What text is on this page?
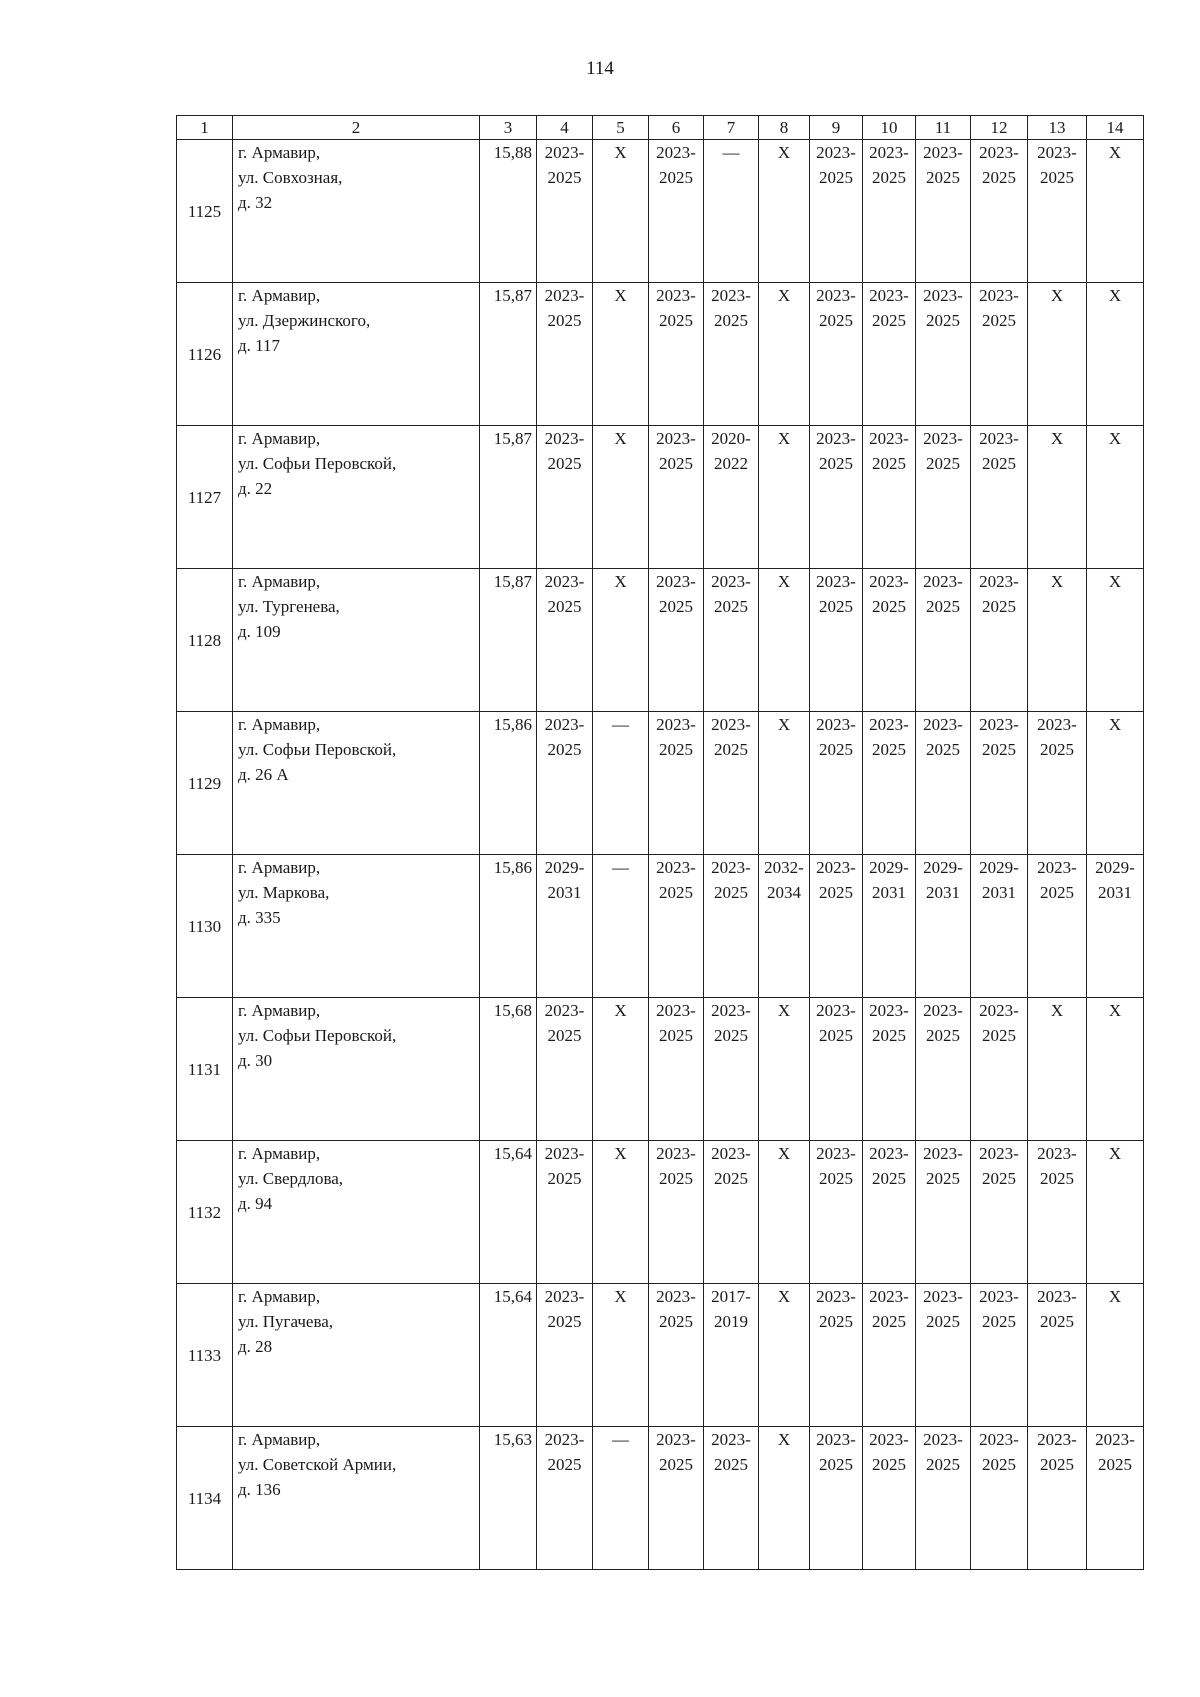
114
1	2	3	4	5	6	7	8	9	10	11	12	13	14
1125	г. Армавир,
ул. Совхозная,
д. 32	15,88	2023-
2025	Х	2023-
2025	—	Х	2023-
2025	2023-
2025	2023-
2025	2023-
2025	2023-
2025	Х

1126	г. Армавир,
ул. Дзержинского,
д. 117	15,87	2023-
2025	Х	2023-
2025	2023-
2025	Х	2023-
2025	2023-
2025	2023-
2025	2023-
2025	Х	Х

1127	г. Армавир,
ул. Софьи Перовской,
д. 22	15,87	2023-
2025	Х	2023-
2025	2020-
2022	Х	2023-
2025	2023-
2025	2023-
2025	2023-
2025	Х	Х

1128	г. Армавир,
ул. Тургенева,
д. 109	15,87	2023-
2025	Х	2023-
2025	2023-
2025	Х	2023-
2025	2023-
2025	2023-
2025	2023-
2025	Х	Х

1129	г. Армавир,
ул. Софьи Перовской,
д. 26 А	15,86	2023-
2025	—	2023-
2025	2023-
2025	Х	2023-
2025	2023-
2025	2023-
2025	2023-
2025	2023-
2025	Х

1130	г. Армавир,
ул. Маркова,
д. 335	15,86	2029-
2031	—	2023-
2025	2023-
2025	2032-
2034	2023-
2025	2029-
2031	2029-
2031	2029-
2031	2023-
2025	2029-
2031

1131	г. Армавир,
ул. Софьи Перовской,
д. 30	15,68	2023-
2025	Х	2023-
2025	2023-
2025	Х	2023-
2025	2023-
2025	2023-
2025	2023-
2025	Х	Х

1132	г. Армавир,
ул. Свердлова,
д. 94	15,64	2023-
2025	Х	2023-
2025	2023-
2025	Х	2023-
2025	2023-
2025	2023-
2025	2023-
2025	2023-
2025	Х

1133	г. Армавир,
ул. Пугачева,
д. 28	15,64	2023-
2025	Х	2023-
2025	2017-
2019	Х	2023-
2025	2023-
2025	2023-
2025	2023-
2025	2023-
2025	Х

1134	г. Армавир,
ул. Советской Армии,
д. 136	15,63	2023-
2025	—	2023-
2025	2023-
2025	Х	2023-
2025	2023-
2025	2023-
2025	2023-
2025	2023-
2025	2023-
2025
